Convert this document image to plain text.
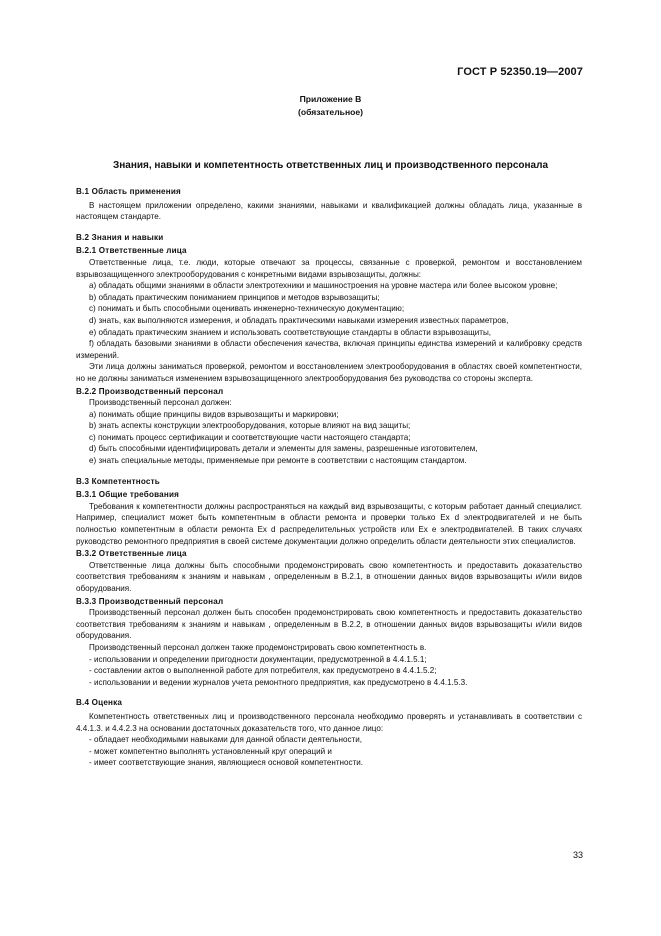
ГОСТ Р 52350.19—2007
Приложение В
(обязательное)
Знания, навыки и компетентность ответственных лиц и производственного персонала

В.1 Область применения

В настоящем приложении определено, какими знаниями, навыками и квалификацией должны обладать лица, указанные в настоящем стандарте.

В.2 Знания и навыки

В.2.1 Ответственные лица

Ответственные лица, т.е. люди, которые отвечают за процессы, связанные с проверкой, ремонтом и восстановлением взрывозащищенного электрооборудования с конкретными видами взрывозащиты, должны:

а) обладать общими знаниями в области электротехники и машиностроения на уровне мастера или более высоком уровне;

b) обладать практическим пониманием принципов и методов взрывозащиты;

с) понимать и быть способными оценивать инженерно-техническую документацию;

d) знать, как выполняются измерения, и обладать практическими навыками измерения известных параметров,

е) обладать практическим знанием и использовать соответствующие стандарты в области взрывозащиты,

f) обладать базовыми знаниями в области обеспечения качества, включая принципы единства измерений и калибровку средств измерений.

Эти лица должны заниматься проверкой, ремонтом и восстановлением электрооборудования в областях своей компетентности, но не должны заниматься изменением взрывозащищенного электрооборудования без руководства со стороны эксперта.

В.2.2 Производственный персонал

Производственный персонал должен:

а) понимать общие принципы видов взрывозащиты и маркировки;

b) знать аспекты конструкции электрооборудования, которые влияют на вид защиты;

с) понимать процесс сертификации и соответствующие части настоящего стандарта;

d) быть способными идентифицировать детали и элементы для замены, разрешенные изготовителем,

е) знать специальные методы, применяемые при ремонте в соответствии с настоящим стандартом.

В.3 Компетентность

В.3.1 Общие требования

Требования к компетентности должны распространяться на каждый вид взрывозащиты, с которым работает данный специалист. Например, специалист может быть компетентным в области ремонта и проверки только Ex d электродвигателей и не быть полностью компетентным в области ремонта Ex d распределительных устройств или Ex e электродвигателей. В таких случаях руководство ремонтного предприятия в своей системе документации должно определить области деятельности этих специалистов.

В.3.2 Ответственные лица

Ответственные лица должны быть способными продемонстрировать свою компетентность и предоставить доказательство соответствия требованиям к знаниям и навыкам , определенным в В.2.1, в отношении данных видов взрывозащиты и/или видов оборудования.

В.3.3 Производственный персонал

Производственный персонал должен быть способен продемонстрировать свою компетентность и предоставить доказательство соответствия требованиям к знаниям и навыкам , определенным в В.2.2, в отношении данных видов взрывозащиты и/или видов оборудования.

Производственный персонал должен также продемонстрировать свою компетентность в.

- использовании и определении пригодности документации, предусмотренной в 4.4.1.5.1;

- составлении актов о выполненной работе для потребителя, как предусмотрено в 4.4.1.5.2;

- использовании и ведении журналов учета ремонтного предприятия, как предусмотрено в 4.4.1.5.3.

В.4 Оценка

Компетентность ответственных лиц и производственного персонала необходимо проверять и устанавливать в соответствии с 4.4.1.3. и 4.4.2.3 на основании достаточных доказательств того, что данное лицо:

- обладает необходимыми навыками для данной области деятельности,

- может компетентно выполнять установленный круг операций и

- имеет соответствующие знания, являющиеся основой компетентности.

33
